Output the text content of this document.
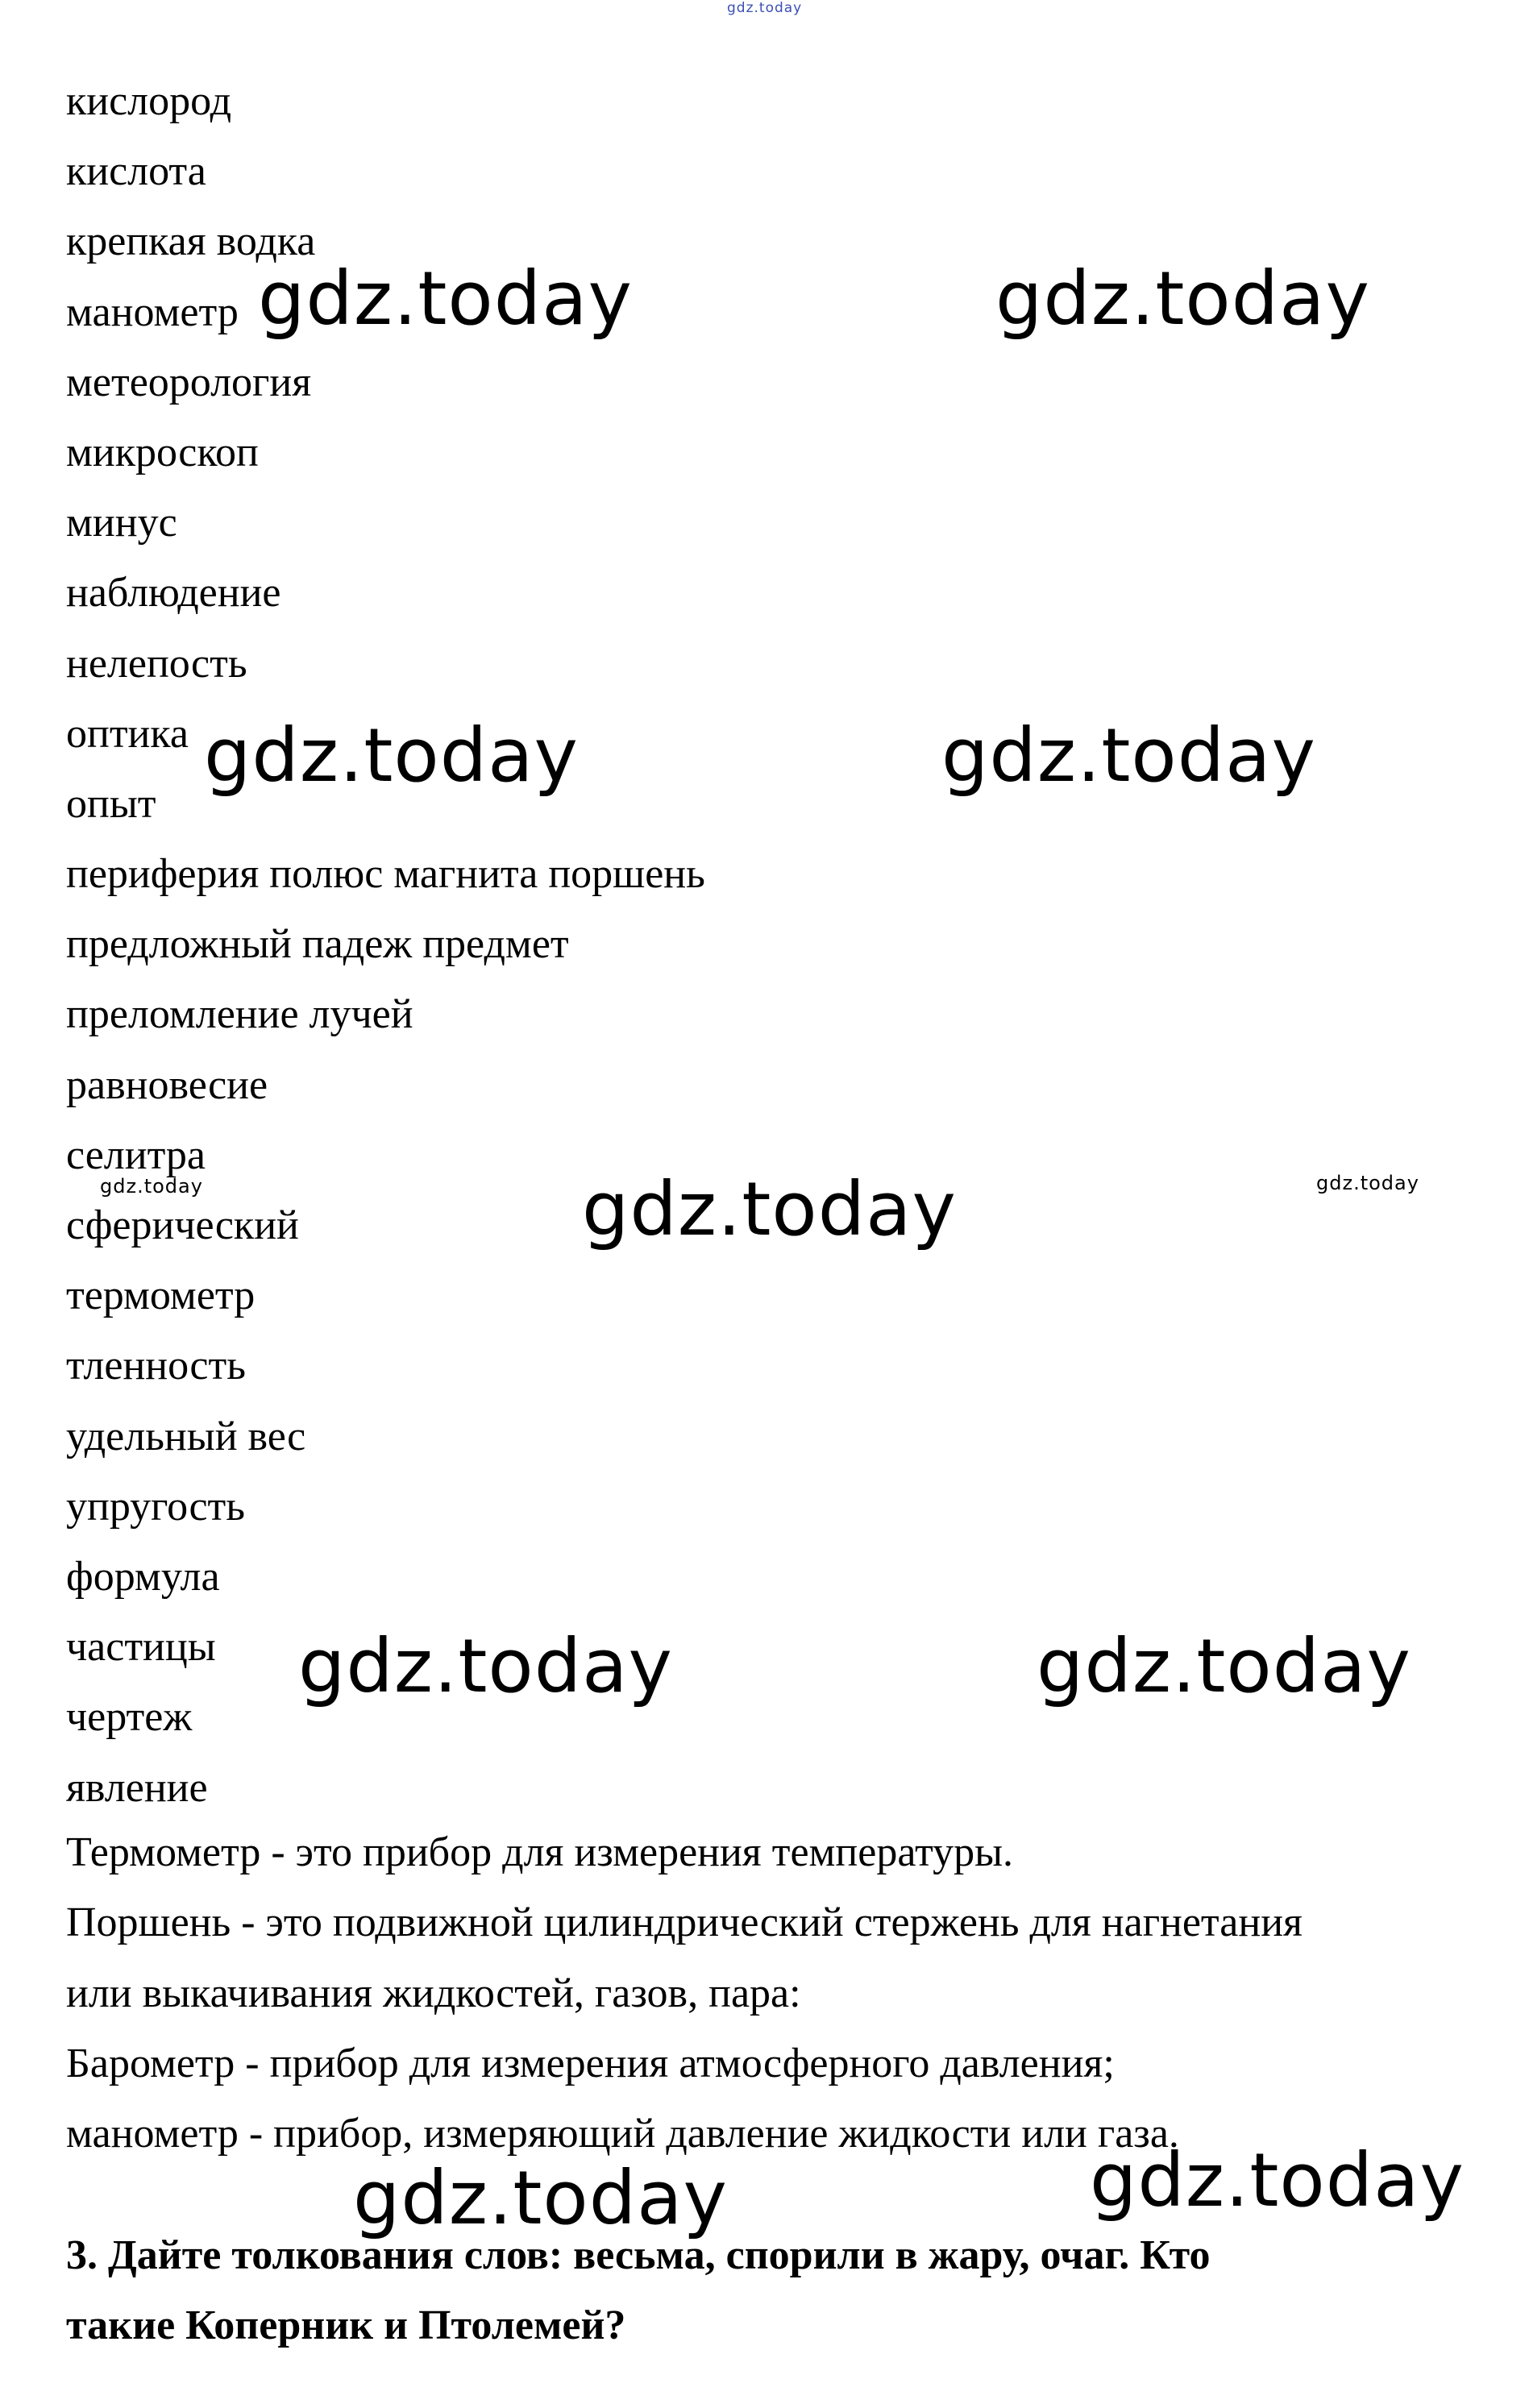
gdz.today
кислород
кислота
крепкая водка
манометр
метеорология
микроскоп
минус
наблюдение
нелепость
оптика
опыт
периферия полюс магнита поршень
предложный падеж предмет
преломление лучей
равновесие
селитра
сферический
термометр
тленность
удельный вес
упругость
формула
частицы
чертеж
явление

Термометр - это прибор для измерения температуры.

Поршень - это подвижной цилиндрический стержень для нагнетания

или выкачивания жидкостей, газов, пара:

Барометр - прибор для измерения атмосферного давления;

манометр - прибор, измеряющий давление жидкости или газа.

3. Дайте толкования слов: весьма, спорили в жару, очаг. Кто
такие Коперник и Птолемей?
gdz.today	gdz.today
gdz.today	gdz.today
gdz.today	gdz.today	gdz.today
gdz.today	gdz.today
gdz.today	gdz.today
